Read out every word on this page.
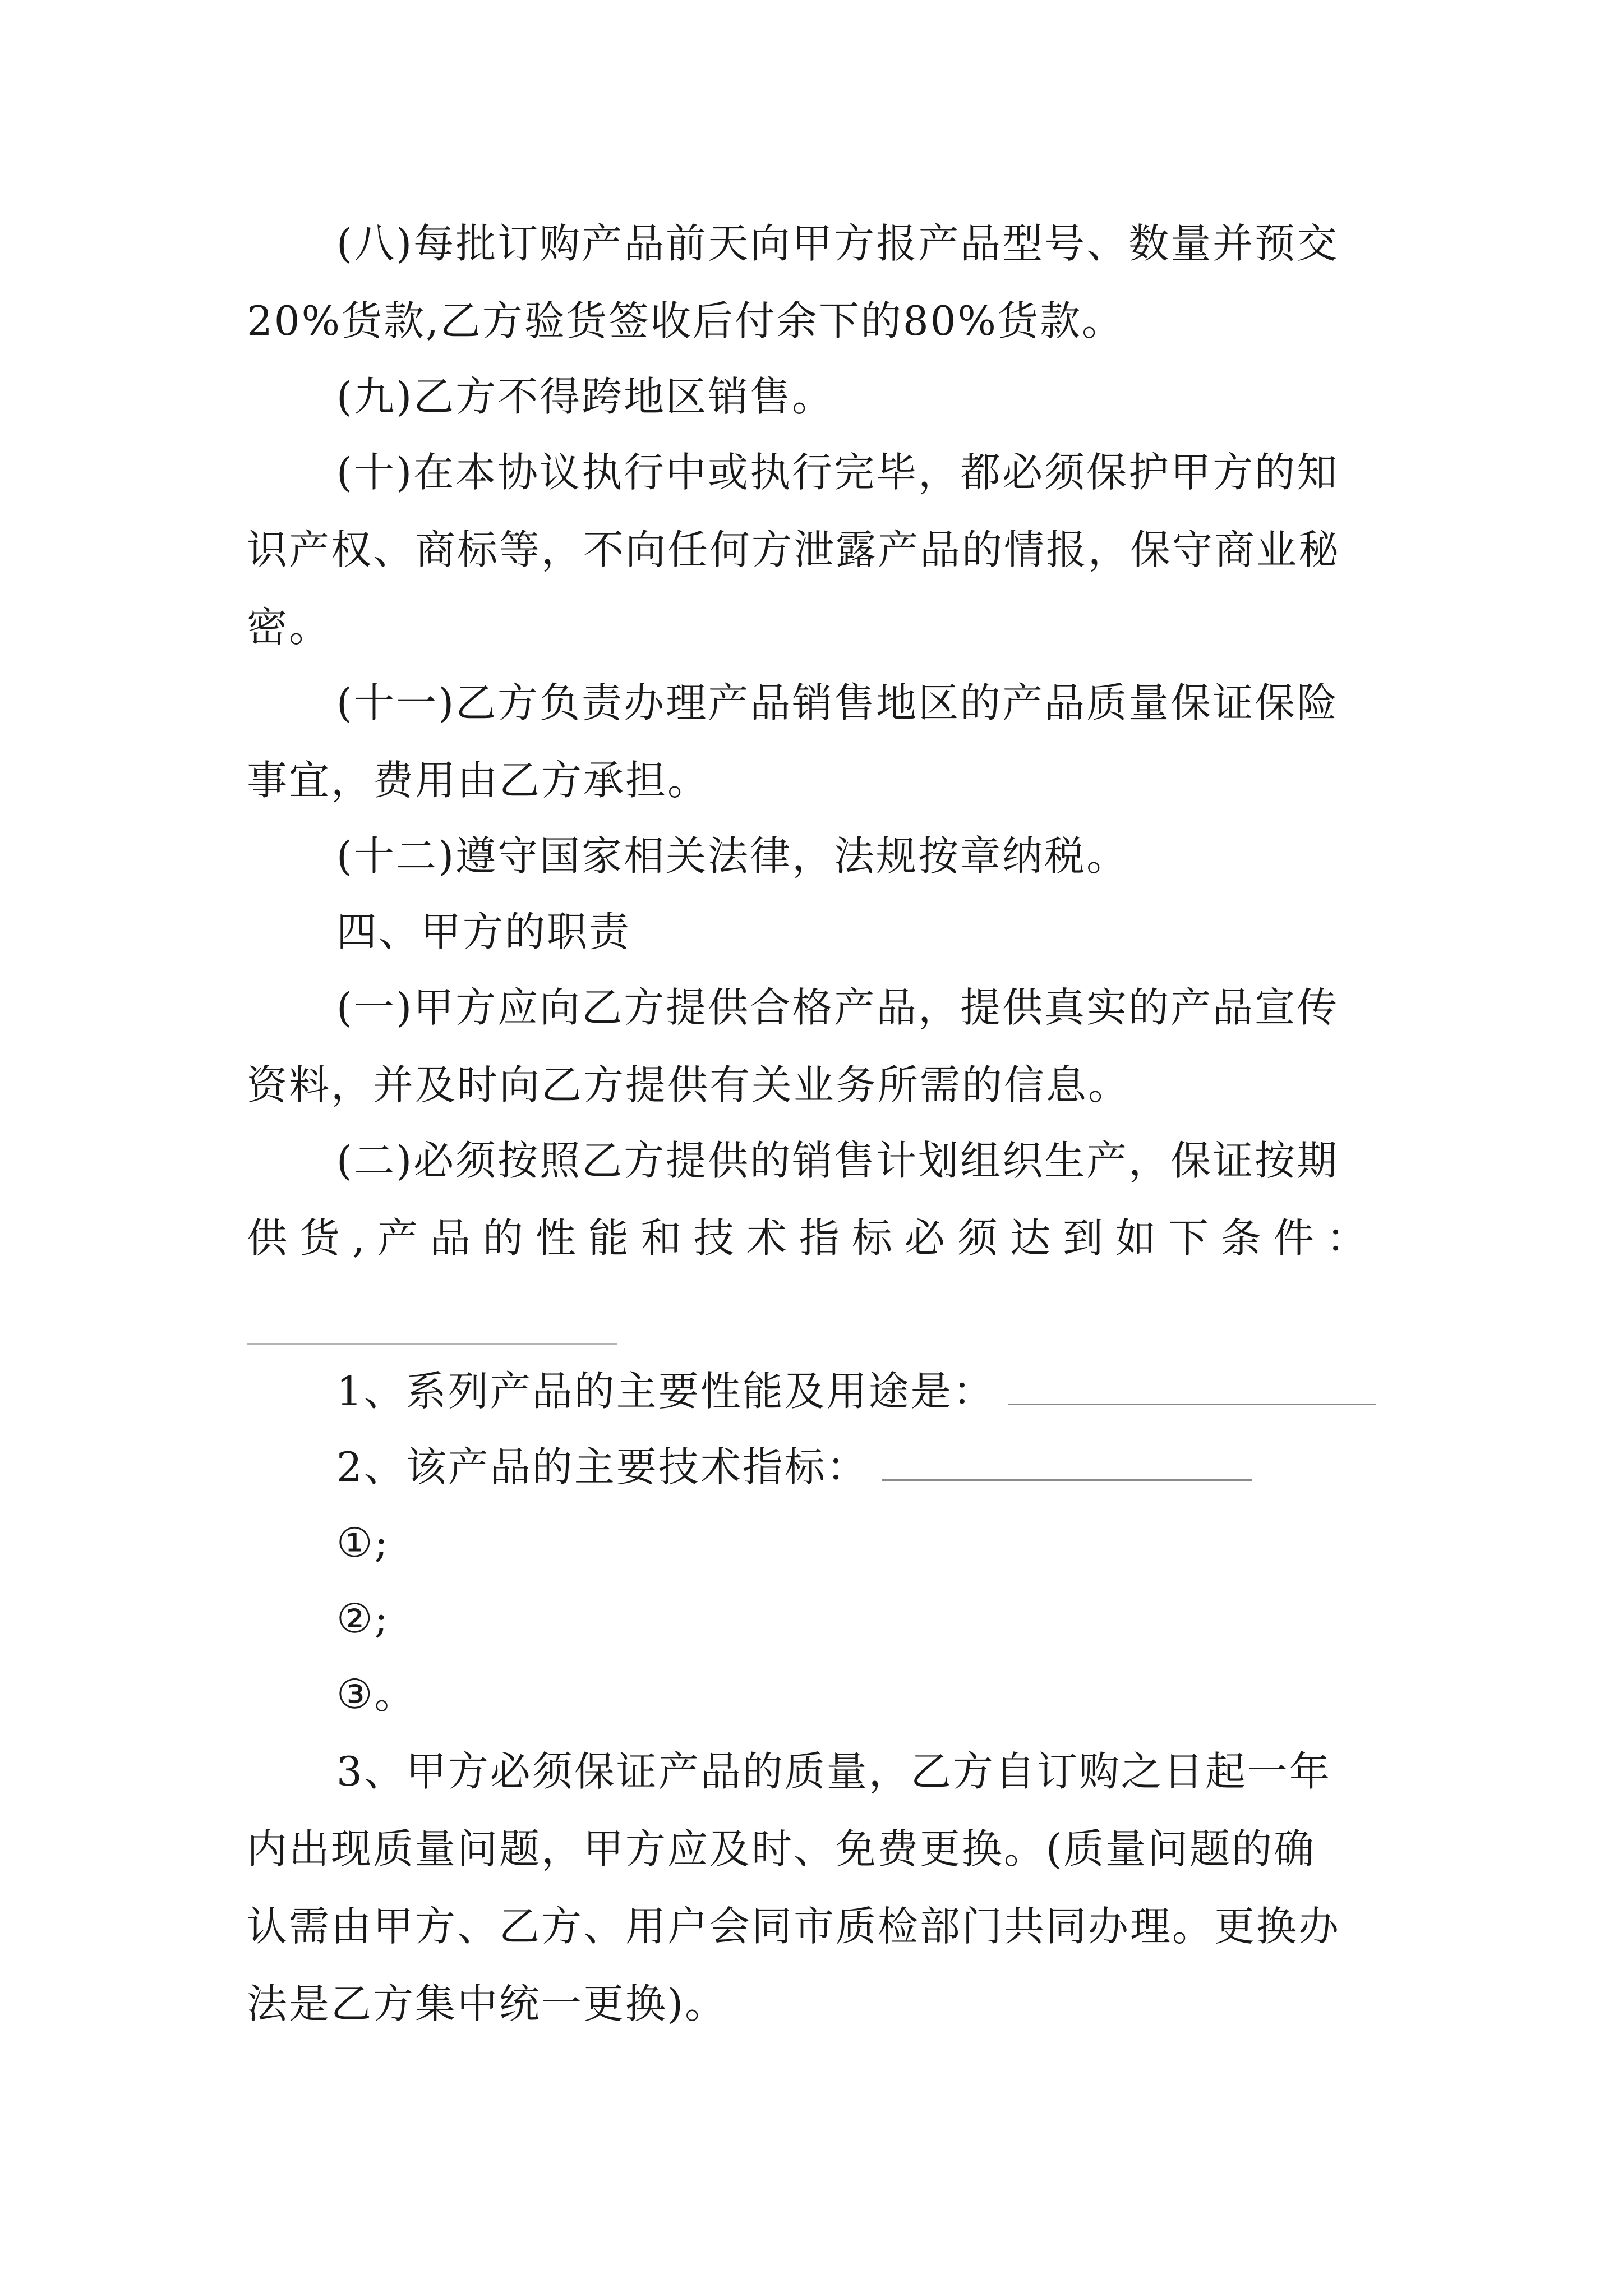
(八)每批订购产品前天向甲方报产品型号、数量并预交
20%货款,乙方验货签收后付余下的80%货款。
(九)乙方不得跨地区销售。
(十)在本协议执行中或执行完毕，都必须保护甲方的知
识产权、商标等，不向任何方泄露产品的情报，保守商业秘
密。
(十一)乙方负责办理产品销售地区的产品质量保证保险
事宜，费用由乙方承担。
(十二)遵守国家相关法律，法规按章纳税。
四、甲方的职责
(一)甲方应向乙方提供合格产品，提供真实的产品宣传
资料，并及时向乙方提供有关业务所需的信息。
(二)必须按照乙方提供的销售计划组织生产，保证按期
供货,产品的性能和技术指标必须达到如下条件：
1、系列产品的主要性能及用途是：
2、该产品的主要技术指标：
①;
②;
③。
3、甲方必须保证产品的质量，乙方自订购之日起一年
内出现质量问题，甲方应及时、免费更换。(质量问题的确
认需由甲方、乙方、用户会同市质检部门共同办理。更换办
法是乙方集中统一更换)。
